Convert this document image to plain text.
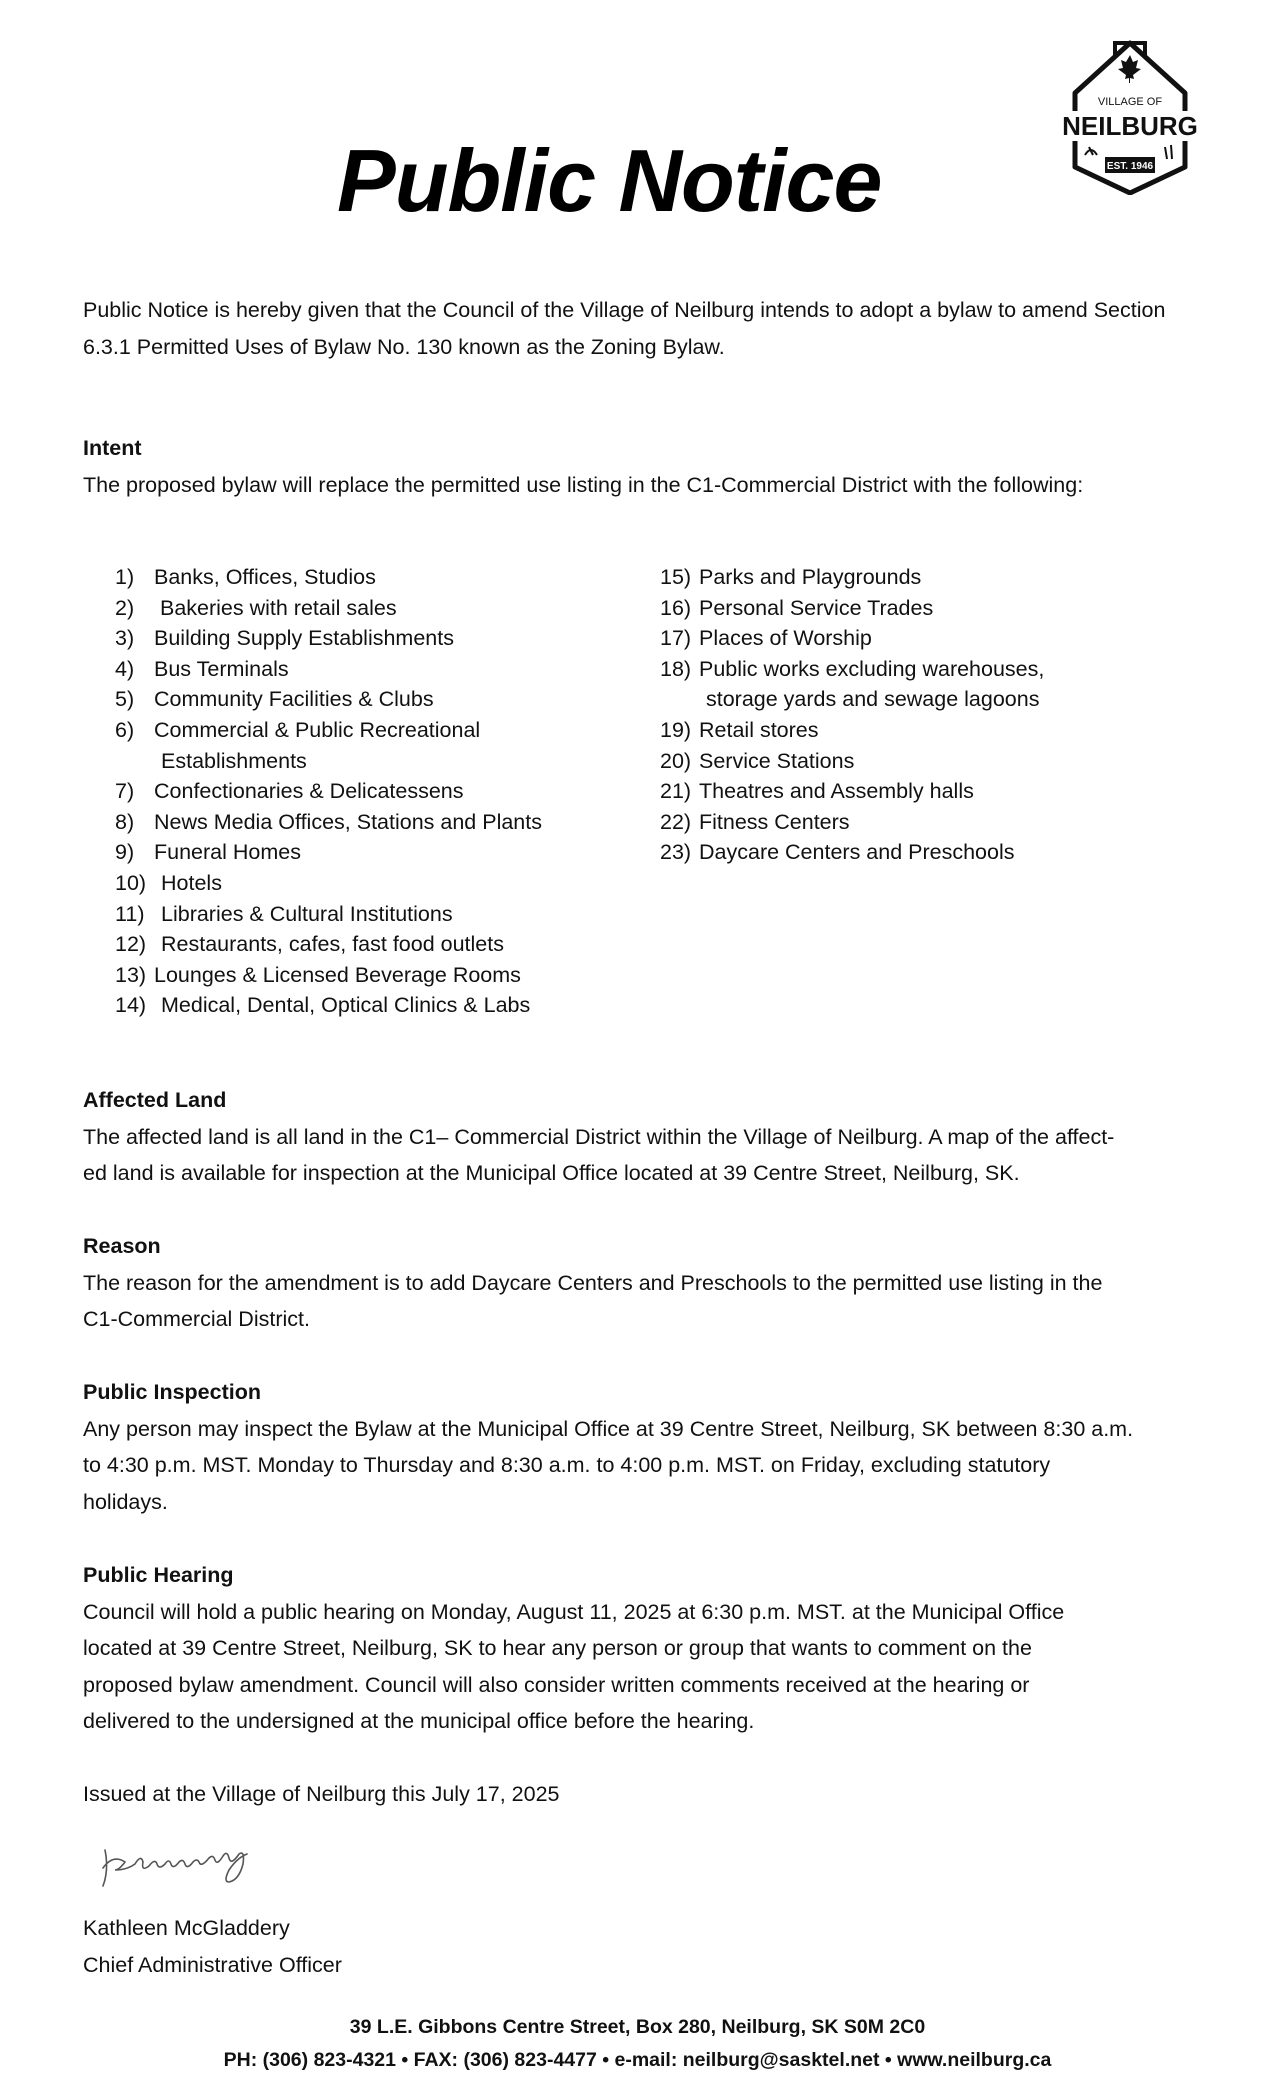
VILLAGE OF
NEILBURG
EST. 1946
Public Notice

Public Notice is hereby given that the Council of the Village of Neilburg intends to adopt a bylaw to amend Section 6.3.1 Permitted Uses of Bylaw No. 130 known as the Zoning Bylaw.

Intent

The proposed bylaw will replace the permitted use listing in the C1-Commercial District with the following:

1) Banks, Offices, Studios
2) Bakeries with retail sales
3) Building Supply Establishments
4) Bus Terminals
5) Community Facilities & Clubs
6) Commercial & Public Recreational
Establishments
7) Confectionaries & Delicatessens
8) News Media Offices, Stations and Plants
9) Funeral Homes
10) Hotels
11) Libraries & Cultural Institutions
12) Restaurants, cafes, fast food outlets
13) Lounges & Licensed Beverage Rooms
14) Medical, Dental, Optical Clinics & Labs
15) Parks and Playgrounds
16) Personal Service Trades
17) Places of Worship
18) Public works excluding warehouses,
storage yards and sewage lagoons
19) Retail stores
20) Service Stations
21) Theatres and Assembly halls
22) Fitness Centers
23) Daycare Centers and Preschools

Affected Land

The affected land is all land in the C1– Commercial District within the Village of Neilburg. A map of the affect-

ed land is available for inspection at the Municipal Office located at 39 Centre Street, Neilburg, SK.

Reason

The reason for the amendment is to add Daycare Centers and Preschools to the permitted use listing in the

C1-Commercial District.

Public Inspection

Any person may inspect the Bylaw at the Municipal Office at 39 Centre Street, Neilburg, SK between 8:30 a.m.

to 4:30 p.m. MST. Monday to Thursday and 8:30 a.m. to 4:00 p.m. MST. on Friday, excluding statutory

holidays.

Public Hearing

Council will hold a public hearing on Monday, August 11, 2025 at 6:30 p.m. MST. at the Municipal Office

located at 39 Centre Street, Neilburg, SK to hear any person or group that wants to comment on the

proposed bylaw amendment. Council will also consider written comments received at the hearing or

delivered to the undersigned at the municipal office before the hearing.

Issued at the Village of Neilburg this July 17, 2025

Kathleen McGladdery

Chief Administrative Officer

39 L.E. Gibbons Centre Street, Box 280, Neilburg, SK S0M 2C0
PH: (306) 823-4321 • FAX: (306) 823-4477 • e-mail: neilburg@sasktel.net • www.neilburg.ca
